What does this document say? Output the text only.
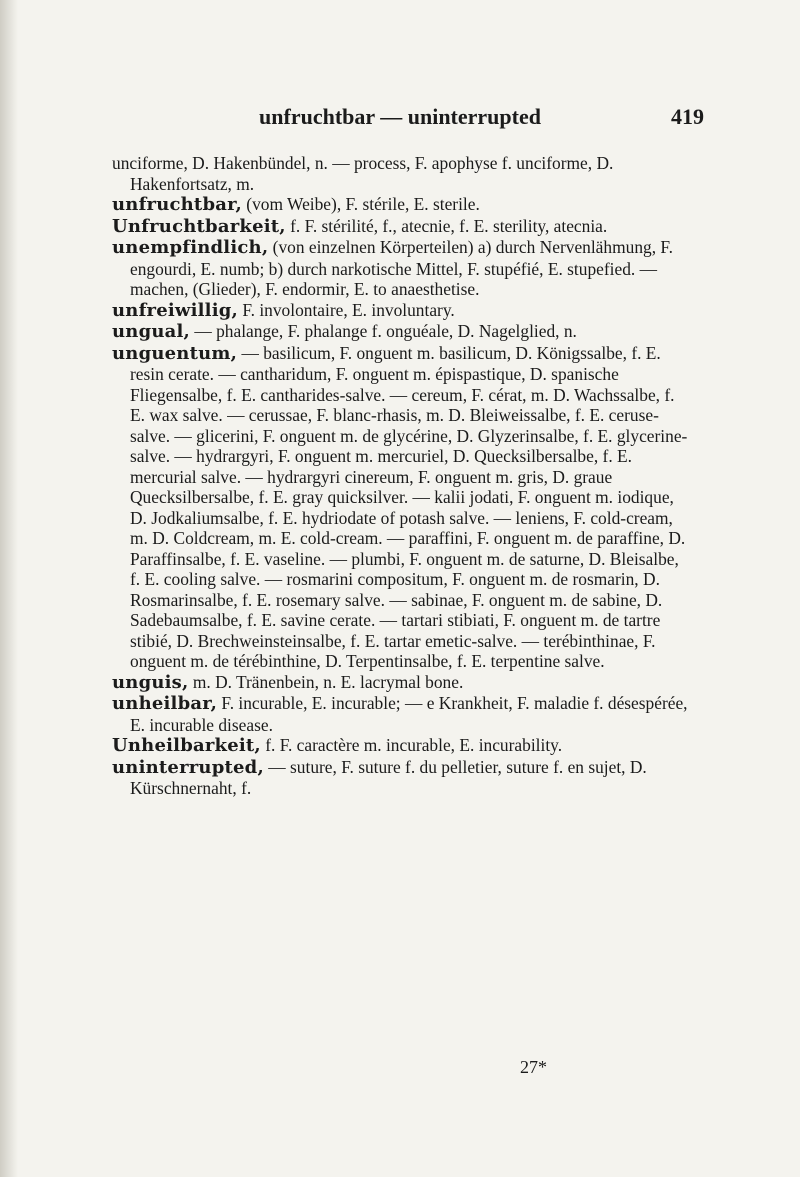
unfruchtbar — uninterrupted	419

unciforme, D. Hakenbündel, n. — process, F. apophyse f. unciforme, D. Hakenfortsatz, m.

unfruchtbar, (vom Weibe), F. stérile, E. sterile.

Unfruchtbarkeit, f. F. stérilité, f., atecnie, f. E. sterility, atecnia.

unempfindlich, (von einzelnen Körperteilen) a) durch Nervenlähmung, F. engourdi, E. numb; b) durch narkotische Mittel, F. stupéfié, E. stupefied. — machen, (Glieder), F. endormir, E. to anaesthetise.

unfreiwillig, F. involontaire, E. involuntary.

ungual, — phalange, F. phalange f. onguéale, D. Nagelglied, n.

unguentum, — basilicum, F. onguent m. basilicum, D. Königssalbe, f. E. resin cerate. — cantharidum, F. onguent m. épispastique, D. spanische Fliegensalbe, f. E. cantharides-salve. — cereum, F. cérat, m. D. Wachssalbe, f. E. wax salve. — cerussae, F. blanc-rhasis, m. D. Bleiweissalbe, f. E. ceruse-salve. — glicerini, F. onguent m. de glycérine, D. Glyzerinsalbe, f. E. glycerine-salve. — hydrargyri, F. onguent m. mercuriel, D. Quecksilbersalbe, f. E. mercurial salve. — hydrargyri cinereum, F. onguent m. gris, D. graue Quecksilbersalbe, f. E. gray quicksilver. — kalii jodati, F. onguent m. iodique, D. Jodkaliumsalbe, f. E. hydriodate of potash salve. — leniens, F. cold-cream, m. D. Coldcream, m. E. cold-cream. — paraffini, F. onguent m. de paraffine, D. Paraffinsalbe, f. E. vaseline. — plumbi, F. onguent m. de saturne, D. Bleisalbe, f. E. cooling salve. — rosmarini compositum, F. onguent m. de rosmarin, D. Rosmarinsalbe, f. E. rosemary salve. — sabinae, F. onguent m. de sabine, D. Sadebaumsalbe, f. E. savine cerate. — tartari stibiati, F. onguent m. de tartre stibié, D. Brechweinsteinsalbe, f. E. tartar emetic-salve. — terébinthinae, F. onguent m. de térébinthine, D. Terpentinsalbe, f. E. terpentine salve.

unguis, m. D. Tränenbein, n. E. lacrymal bone.

unheilbar, F. incurable, E. incurable; — e Krankheit, F. maladie f. désespérée, E. incurable disease.

Unheilbarkeit, f. F. caractère m. incurable, E. incurability.

uninterrupted, — suture, F. suture f. du pelletier, suture f. en sujet, D. Kürschnernaht, f.

27*
